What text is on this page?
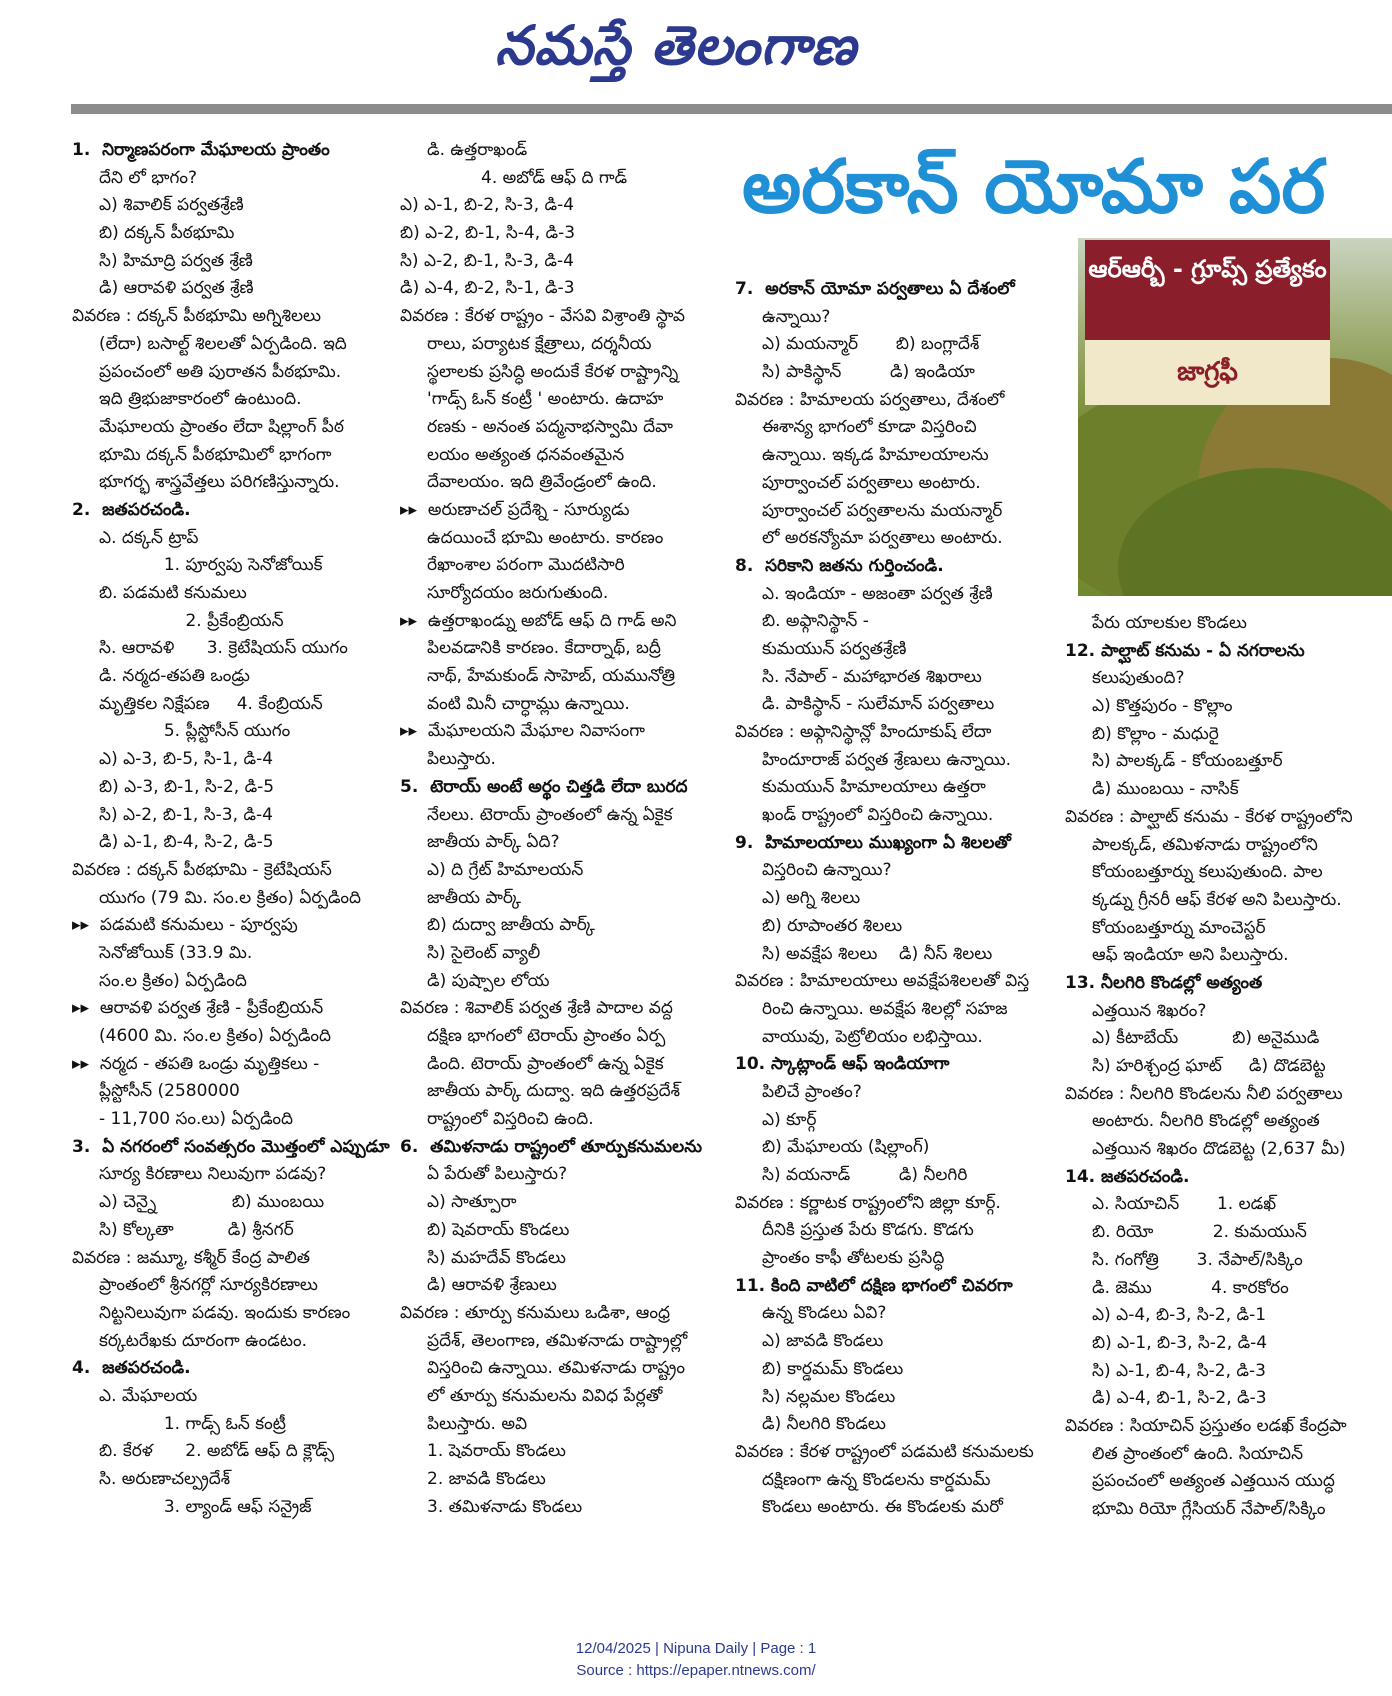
నమస్తే తెలంగాణ
అరకాన్ యోమా పర
ఆర్ఆర్బీ - గ్రూప్స్ ప్రత్యేకం
జాగ్రఫీ
1.  నిర్మాణపరంగా మేఘాలయ ప్రాంతం
దేని లో భాగం?
ఎ) శివాలిక్ పర్వతశ్రేణి
బి) దక్కన్ పీఠభూమి
సి) హిమాద్రి పర్వత శ్రేణి
డి) ఆరావళి పర్వత శ్రేణి
వివరణ : దక్కన్ పీఠభూమి అగ్నిశిలలు
(లేదా) బసాల్ట్ శిలలతో ఏర్పడింది. ఇది
ప్రపంచంలో అతి పురాతన పీఠభూమి.
ఇది త్రిభుజాకారంలో ఉంటుంది.
మేఘాలయ ప్రాంతం లేదా షిల్లాంగ్ పీఠ
భూమి దక్కన్ పీఠభూమిలో భాగంగా
భూగర్భ శాస్త్రవేత్తలు పరిగణిస్తున్నారు.
2.  జతపరచండి.
ఎ. దక్కన్ ట్రాప్
1. పూర్వపు సెనోజోయిక్
బి. పడమటి కనుమలు
2. ప్రీకేంబ్రియన్
సి. ఆరావళి      3. క్రెటేషియస్ యుగం
డి. నర్మద-తపతి ఒండ్రు
మృత్తికల నిక్షేపణ     4. కేంబ్రియన్
5. ప్లీస్టోసీన్ యుగం
ఎ) ఎ-3, బి-5, సి-1, డి-4
బి) ఎ-3, బి-1, సి-2, డి-5
సి) ఎ-2, బి-1, సి-3, డి-4
డి) ఎ-1, బి-4, సి-2, డి-5
వివరణ : దక్కన్ పీఠభూమి - క్రెటేషియస్
యుగం (79 మి. సం.ల క్రితం) ఏర్పడింది
▸▸  పడమటి కనుమలు - పూర్వపు
సెనోజోయిక్ (33.9 మి.
సం.ల క్రితం) ఏర్పడింది
▸▸  ఆరావళి పర్వత శ్రేణి - ప్రీకేంబ్రియన్
(4600 మి. సం.ల క్రితం) ఏర్పడింది
▸▸  నర్మద - తపతి ఒండ్రు మృత్తికలు -
ప్లీస్టోసీన్ (2580000
- 11,700 సం.లు) ఏర్పడింది
3.  ఏ నగరంలో సంవత్సరం మొత్తంలో ఎప్పుడూ
సూర్య కిరణాలు నిలువుగా పడవు?
ఎ) చెన్నై              బి) ముంబయి
సి) కోల్కతా          డి) శ్రీనగర్
వివరణ : జమ్మూ, కశ్మీర్ కేంద్ర పాలిత
ప్రాంతంలో శ్రీనగర్లో సూర్యకిరణాలు
నిట్టనిలువుగా పడవు. ఇందుకు కారణం
కర్కటరేఖకు దూరంగా ఉండటం.
4.  జతపరచండి.
ఎ. మేఘాలయ
1. గాడ్స్ ఓన్ కంట్రీ
బి. కేరళ      2. అబోడ్ ఆఫ్ ది క్లౌడ్స్
సి. అరుణాచల్ప్రదేశ్
3. ల్యాండ్ ఆఫ్ సన్రైజ్
డి. ఉత్తరాఖండ్
4. అబోడ్ ఆఫ్ ది గాడ్
ఎ) ఎ-1, బి-2, సి-3, డి-4
బి) ఎ-2, బి-1, సి-4, డి-3
సి) ఎ-2, బి-1, సి-3, డి-4
డి) ఎ-4, బి-2, సి-1, డి-3
వివరణ : కేరళ రాష్ట్రం - వేసవి విశ్రాంతి స్థావ
రాలు, పర్యాటక క్షేత్రాలు, దర్శనీయ
స్థలాలకు ప్రసిద్ధి అందుకే కేరళ రాష్ట్రాన్ని
'గాడ్స్ ఓన్ కంట్రీ ' అంటారు. ఉదాహ
రణకు - అనంత పద్మనాభస్వామి దేవా
లయం అత్యంత ధనవంతమైన
దేవాలయం. ఇది త్రివేండ్రంలో ఉంది.
▸▸  అరుణాచల్ ప్రదేశ్ని - సూర్యుడు
ఉదయించే భూమి అంటారు. కారణం
రేఖాంశాల పరంగా మొదటిసారి
సూర్యోదయం జరుగుతుంది.
▸▸  ఉత్తరాఖండ్ను అబోడ్ ఆఫ్ ది గాడ్ అని
పిలవడానికి కారణం. కేదార్నాథ్, బద్రీ
నాథ్, హేమకుండ్ సాహెబ్, యమునోత్రి
వంటి మినీ చార్ధామ్లు ఉన్నాయి.
▸▸  మేఘాలయని మేఘాల నివాసంగా
పిలుస్తారు.
5.  టెరాయ్ అంటే అర్థం చిత్తడి లేదా బురద
నేలలు. టెరాయ్ ప్రాంతంలో ఉన్న ఏకైక
జాతీయ పార్క్ ఏది?
ఎ) ది గ్రేట్ హిమాలయన్
జాతీయ పార్క్
బి) దుద్వా జాతీయ పార్క్
సి) సైలెంట్ వ్యాలీ
డి) పుష్పాల లోయ
వివరణ : శివాలిక్ పర్వత శ్రేణి పాదాల వద్ద
దక్షిణ భాగంలో టెరాయ్ ప్రాంతం ఏర్ప
డింది. టెరాయ్ ప్రాంతంలో ఉన్న ఏకైక
జాతీయ పార్క్ దుద్వా. ఇది ఉత్తరప్రదేశ్
రాష్ట్రంలో విస్తరించి ఉంది.
6.  తమిళనాడు రాష్ట్రంలో తూర్పుకనుమలను
ఏ పేరుతో పిలుస్తారు?
ఎ) సాత్పూరా
బి) షెవరాయ్ కొండలు
సి) మహదేవ్ కొండలు
డి) ఆరావళి శ్రేణులు
వివరణ : తూర్పు కనుమలు ఒడిశా, ఆంధ్ర
ప్రదేశ్, తెలంగాణ, తమిళనాడు రాష్ట్రాల్లో
విస్తరించి ఉన్నాయి. తమిళనాడు రాష్ట్రం
లో తూర్పు కనుమలను వివిధ పేర్లతో
పిలుస్తారు. అవి
1. షెవరాయ్ కొండలు
2. జావడి కొండలు
3. తమిళనాడు కొండలు
7.  అరకాన్ యోమా పర్వతాలు ఏ దేశంలో
ఉన్నాయి?
ఎ) మయన్మార్       బి) బంగ్లాదేశ్
సి) పాకిస్థాన్         డి) ఇండియా
వివరణ : హిమాలయ పర్వతాలు, దేశంలో
ఈశాన్య భాగంలో కూడా విస్తరించి
ఉన్నాయి. ఇక్కడ హిమాలయాలను
పూర్వాంచల్ పర్వతాలు అంటారు.
పూర్వాంచల్ పర్వతాలను మయన్మార్
లో అరకన్యోమా పర్వతాలు అంటారు.
8.  సరికాని జతను గుర్తించండి.
ఎ. ఇండియా - అజంతా పర్వత శ్రేణి
బి. అఫ్గానిస్థాన్ -
కుమయున్ పర్వతశ్రేణి
సి. నేపాల్ - మహాభారత శిఖరాలు
డి. పాకిస్థాన్ - సులేమాన్ పర్వతాలు
వివరణ : అఫ్గానిస్థాన్లో హిందూకుష్ లేదా
హిందూరాజ్ పర్వత శ్రేణులు ఉన్నాయి.
కుమయున్ హిమాలయాలు ఉత్తరా
ఖండ్ రాష్ట్రంలో విస్తరించి ఉన్నాయి.
9.  హిమాలయాలు ముఖ్యంగా ఏ శిలలతో
విస్తరించి ఉన్నాయి?
ఎ) అగ్ని శిలలు
బి) రూపాంతర శిలలు
సి) అవక్షేప శిలలు    డి) నీస్ శిలలు
వివరణ : హిమాలయాలు అవక్షేపశిలలతో విస్త
రించి ఉన్నాయి. అవక్షేప శిలల్లో సహజ
వాయువు, పెట్రోలియం లభిస్తాయి.
10. స్కాట్లాండ్ ఆఫ్ ఇండియాగా
పిలిచే ప్రాంతం?
ఎ) కూర్గ్
బి) మేఘాలయ (షిల్లాంగ్)
సి) వయనాడ్         డి) నీలగిరి
వివరణ : కర్ణాటక రాష్ట్రంలోని జిల్లా కూర్గ్.
దీనికి ప్రస్తుత పేరు కొడగు. కొడగు
ప్రాంతం కాఫీ తోటలకు ప్రసిద్ధి
11. కింది వాటిలో దక్షిణ భాగంలో చివరగా
ఉన్న కొండలు ఏవి?
ఎ) జావడి కొండలు
బి) కార్డమమ్ కొండలు
సి) నల్లమల కొండలు
డి) నీలగిరి కొండలు
వివరణ : కేరళ రాష్ట్రంలో పడమటి కనుమలకు
దక్షిణంగా ఉన్న కొండలను కార్డమమ్
కొండలు అంటారు. ఈ కొండలకు మరో
పేరు యాలకుల కొండలు
12. పాల్ఘాట్ కనుమ - ఏ నగరాలను
కలుపుతుంది?
ఎ) కొత్తపురం - కొల్లాం
బి) కొల్లాం - మధురై
సి) పాలక్కడ్ - కోయంబత్తూర్
డి) ముంబయి - నాసిక్
వివరణ : పాల్ఘాట్ కనుమ - కేరళ రాష్ట్రంలోని
పాలక్కడ్, తమిళనాడు రాష్ట్రంలోని
కోయంబత్తూర్ను కలుపుతుంది. పాల
క్కడ్ను గ్రీనరీ ఆఫ్ కేరళ అని పిలుస్తారు.
కోయంబత్తూర్ను మాంచెస్టర్
ఆఫ్ ఇండియా అని పిలుస్తారు.
13. నీలగిరి కొండల్లో అత్యంత
ఎత్తయిన శిఖరం?
ఎ) కీటాబేయ్          బి) అనైముడి
సి) హరిశ్చంద్ర ఘాట్     డి) దొడబెట్ట
వివరణ : నీలగిరి కొండలను నీలి పర్వతాలు
అంటారు. నీలగిరి కొండల్లో అత్యంత
ఎత్తయిన శిఖరం దొడబెట్ట (2,637 మీ)
14. జతపరచండి.
ఎ. సియాచిన్       1. లడఖ్
బి. రియో           2. కుమయున్
సి. గంగోత్రి       3. నేపాల్/సిక్కిం
డి. జెము           4. కారకోరం
ఎ) ఎ-4, బి-3, సి-2, డి-1
బి) ఎ-1, బి-3, సి-2, డి-4
సి) ఎ-1, బి-4, సి-2, డి-3
డి) ఎ-4, బి-1, సి-2, డి-3
వివరణ : సియాచిన్ ప్రస్తుతం లడఖ్ కేంద్రపా
లిత ప్రాంతంలో ఉంది. సియాచిన్
ప్రపంచంలో అత్యంత ఎత్తయిన యుద్ధ
భూమి రియో గ్లేసియర్ నేపాల్/సిక్కిం
12/04/2025 | Nipuna Daily | Page : 1
Source : https://epaper.ntnews.com/
